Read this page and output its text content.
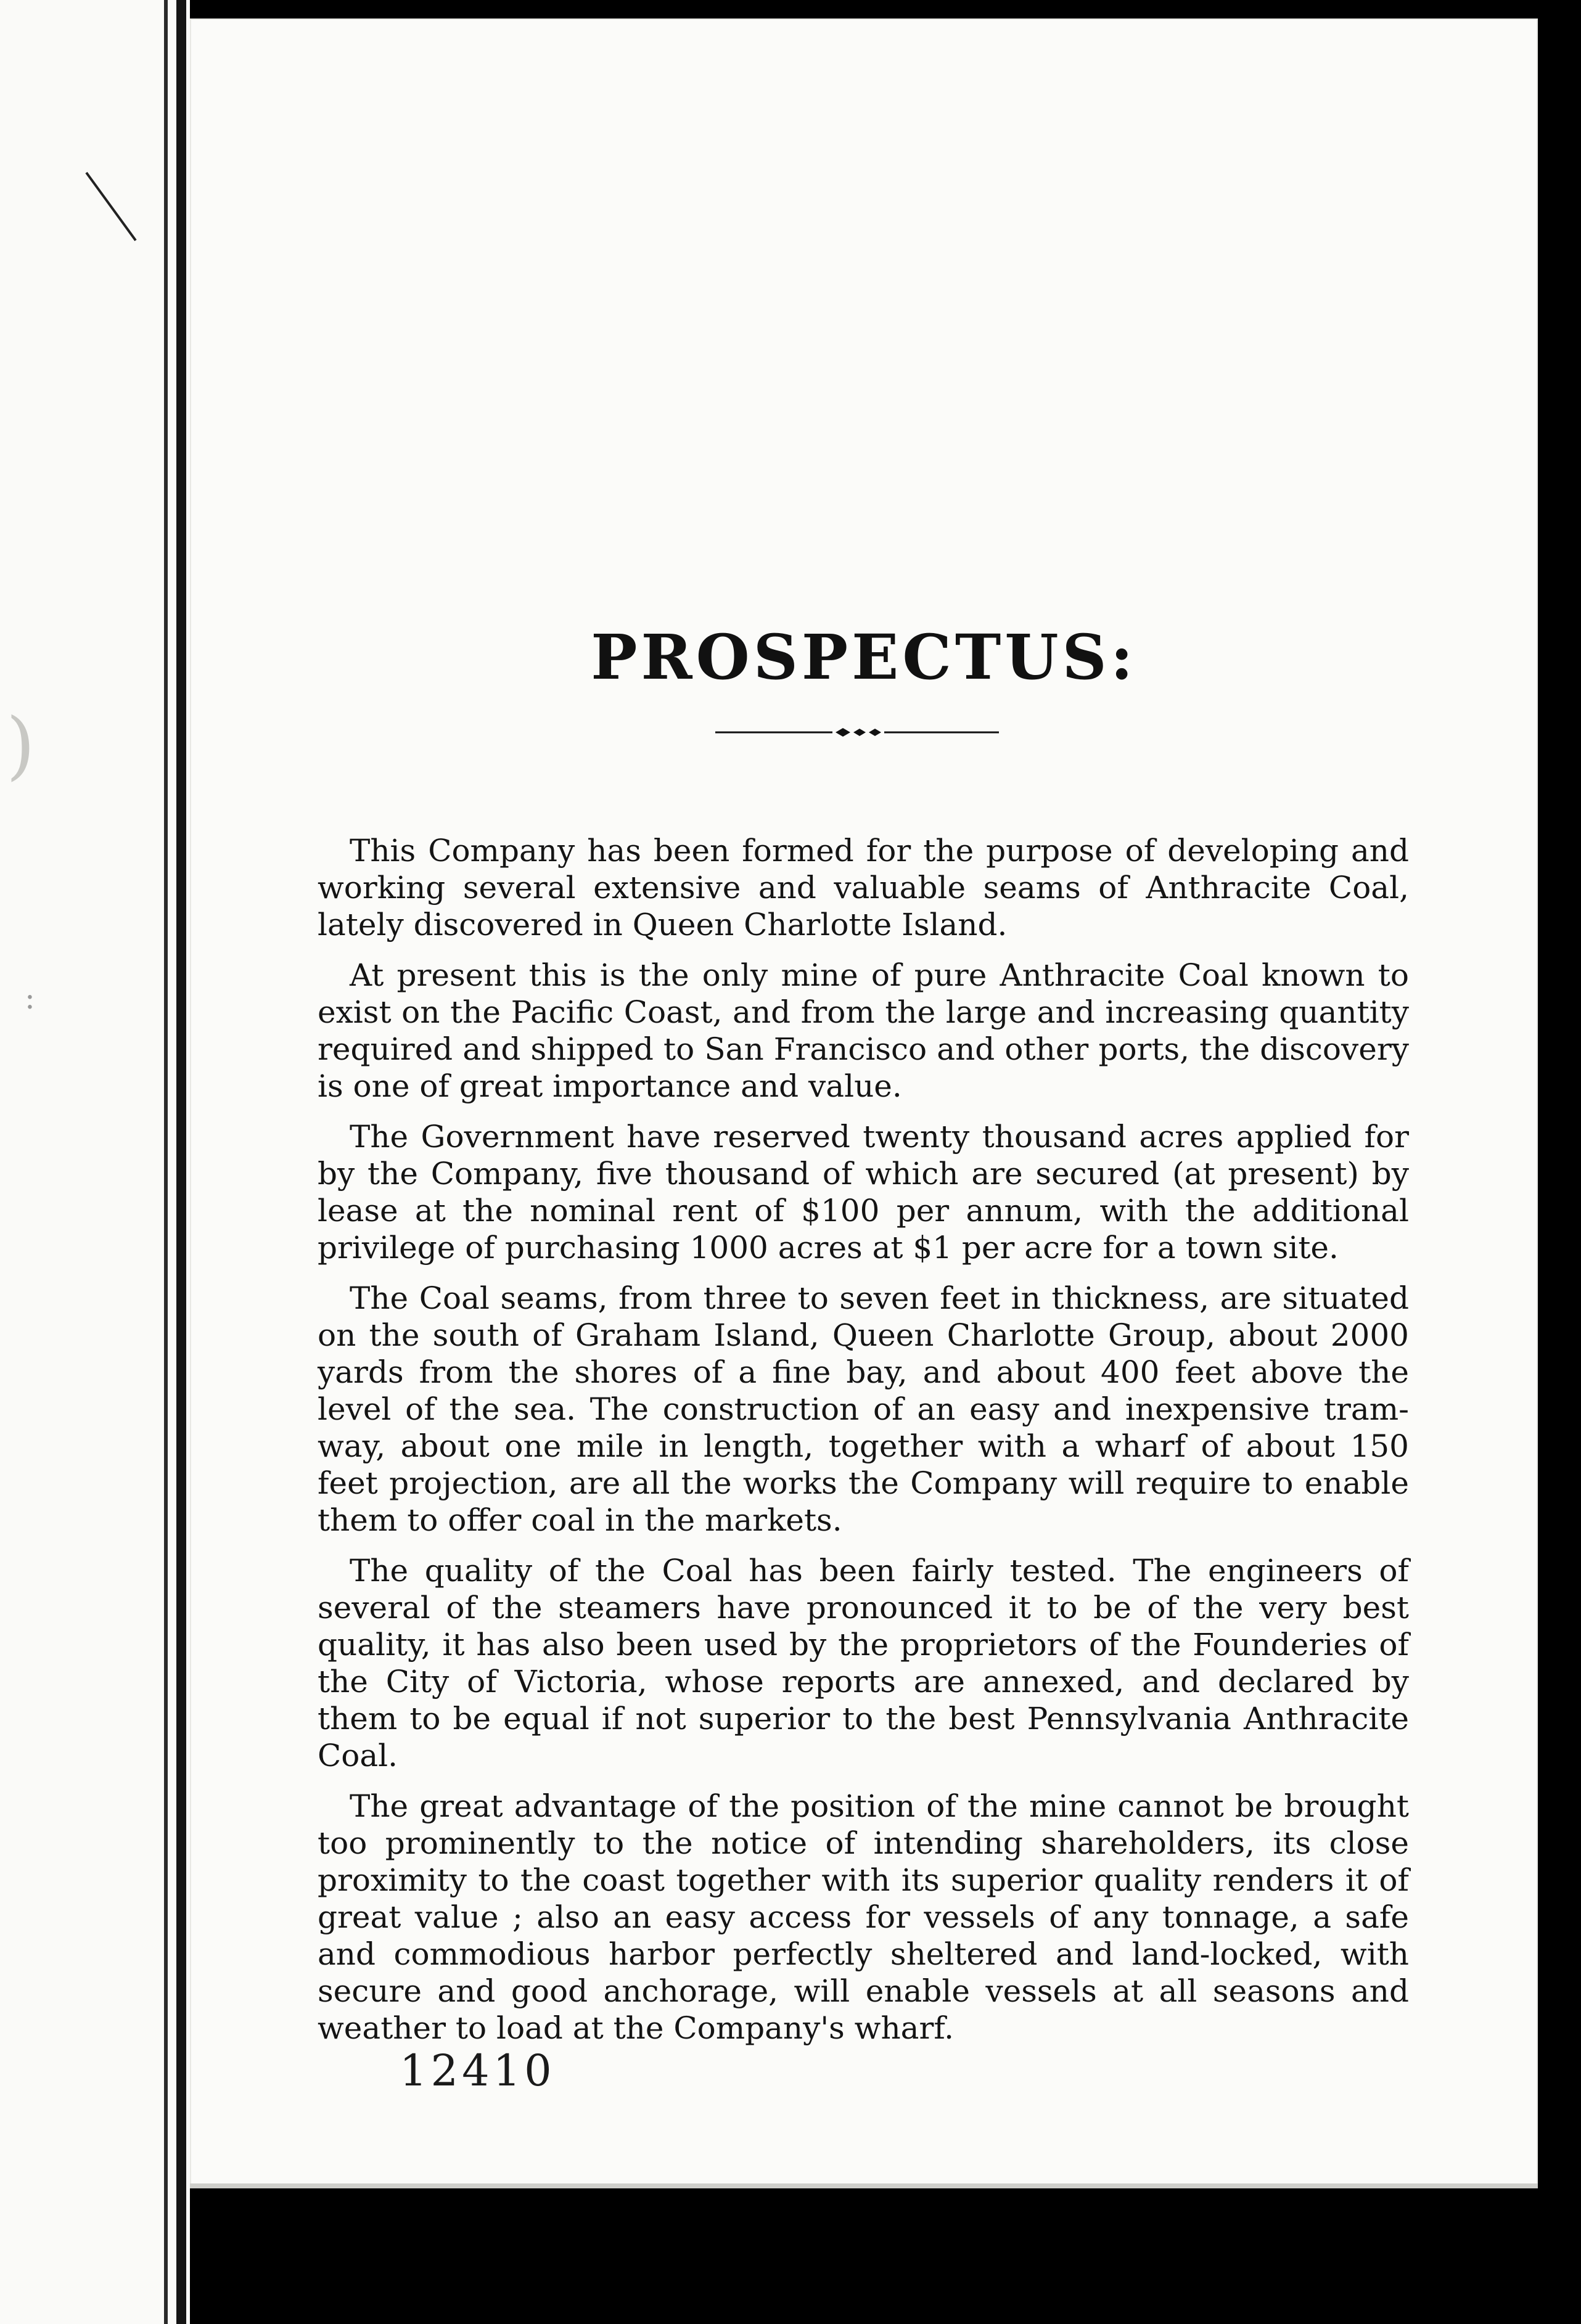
)
:
PROSPECTUS:

This Company has been formed for the purpose of developing and working several extensive and valuable seams of Anthracite Coal, lately discovered in Queen Charlotte Island.

At present this is the only mine of pure Anthracite Coal known to exist on the Pacific Coast, and from the large and increasing quantity required and shipped to San Francisco and other ports, the discovery is one of great importance and value.

The Government have reserved twenty thousand acres applied for by the Company, five thousand of which are secured (at present) by lease at the nominal rent of $100 per annum, with the additional privilege of purchasing 1000 acres at $1 per acre for a town site.

The Coal seams, from three to seven feet in thickness, are situated on the south of Graham Island, Queen Charlotte Group, about 2000 yards from the shores of a fine bay, and about 400 feet above the level of the sea. The construction of an easy and inexpensive tram-way, about one mile in length, together with a wharf of about 150 feet projection, are all the works the Company will require to enable them to offer coal in the markets.

The quality of the Coal has been fairly tested. The engineers of several of the steamers have pronounced it to be of the very best quality, it has also been used by the proprietors of the Founderies of the City of Victoria, whose reports are annexed, and declared by them to be equal if not superior to the best Pennsylvania Anthracite Coal.

The great advantage of the position of the mine cannot be brought too prominently to the notice of intending shareholders, its close proximity to the coast together with its superior quality renders it of great value ; also an easy access for vessels of any tonnage, a safe and commodious harbor perfectly sheltered and land-locked, with secure and good anchorage, will enable vessels at all seasons and weather to load at the Company's wharf.

12410
